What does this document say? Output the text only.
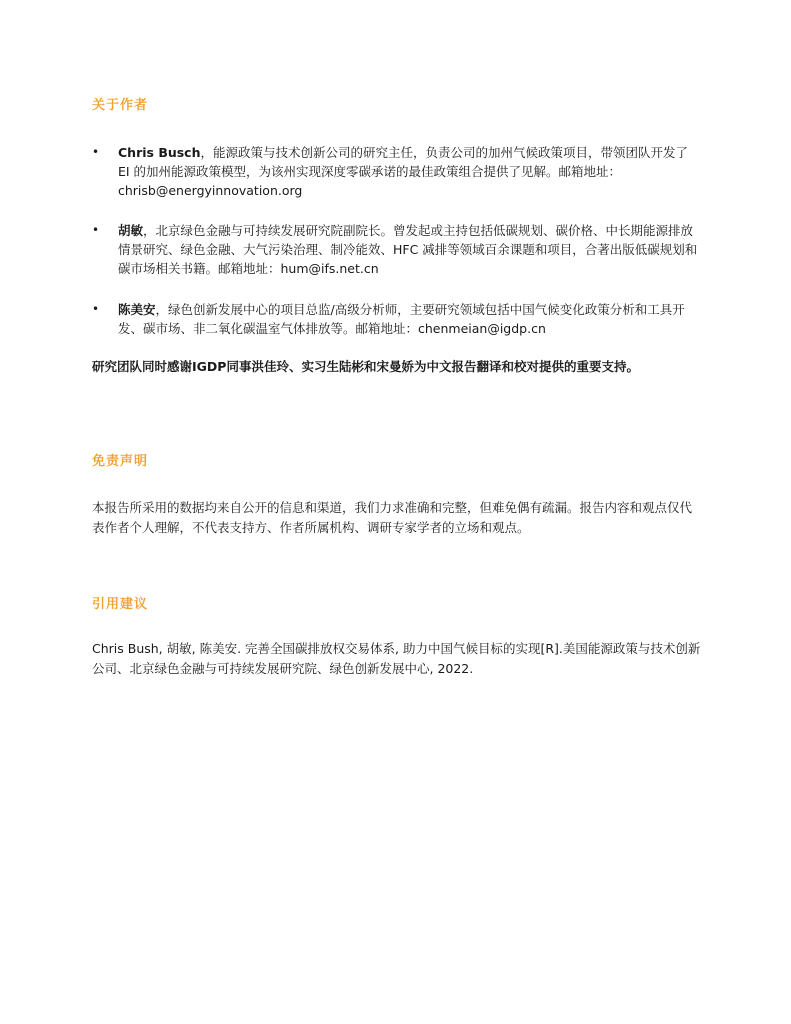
关于作者
• Chris Busch，能源政策与技术创新公司的研究主任，负责公司的加州气候政策项目，带领团队开发了 EI 的加州能源政策模型，为该州实现深度零碳承诺的最佳政策组合提供了见解。邮箱地址：chrisb@energyinnovation.org
• 胡敏，北京绿色金融与可持续发展研究院副院长。曾发起或主持包括低碳规划、碳价格、中长期能源排放情景研究、绿色金融、大气污染治理、制冷能效、HFC 减排等领域百余课题和项目，合著出版低碳规划和碳市场相关书籍。邮箱地址：hum@ifs.net.cn
• 陈美安，绿色创新发展中心的项目总监/高级分析师，主要研究领域包括中国气候变化政策分析和工具开发、碳市场、非二氧化碳温室气体排放等。邮箱地址：chenmeian@igdp.cn
研究团队同时感谢IGDP同事洪佳玲、实习生陆彬和宋曼娇为中文报告翻译和校对提供的重要支持。
免责声明
本报告所采用的数据均来自公开的信息和渠道，我们力求准确和完整，但难免偶有疏漏。报告内容和观点仅代表作者个人理解，不代表支持方、作者所属机构、调研专家学者的立场和观点。
引用建议
Chris Bush, 胡敏, 陈美安. 完善全国碳排放权交易体系, 助力中国气候目标的实现[R].美国能源政策与技术创新公司、北京绿色金融与可持续发展研究院、绿色创新发展中心, 2022.
